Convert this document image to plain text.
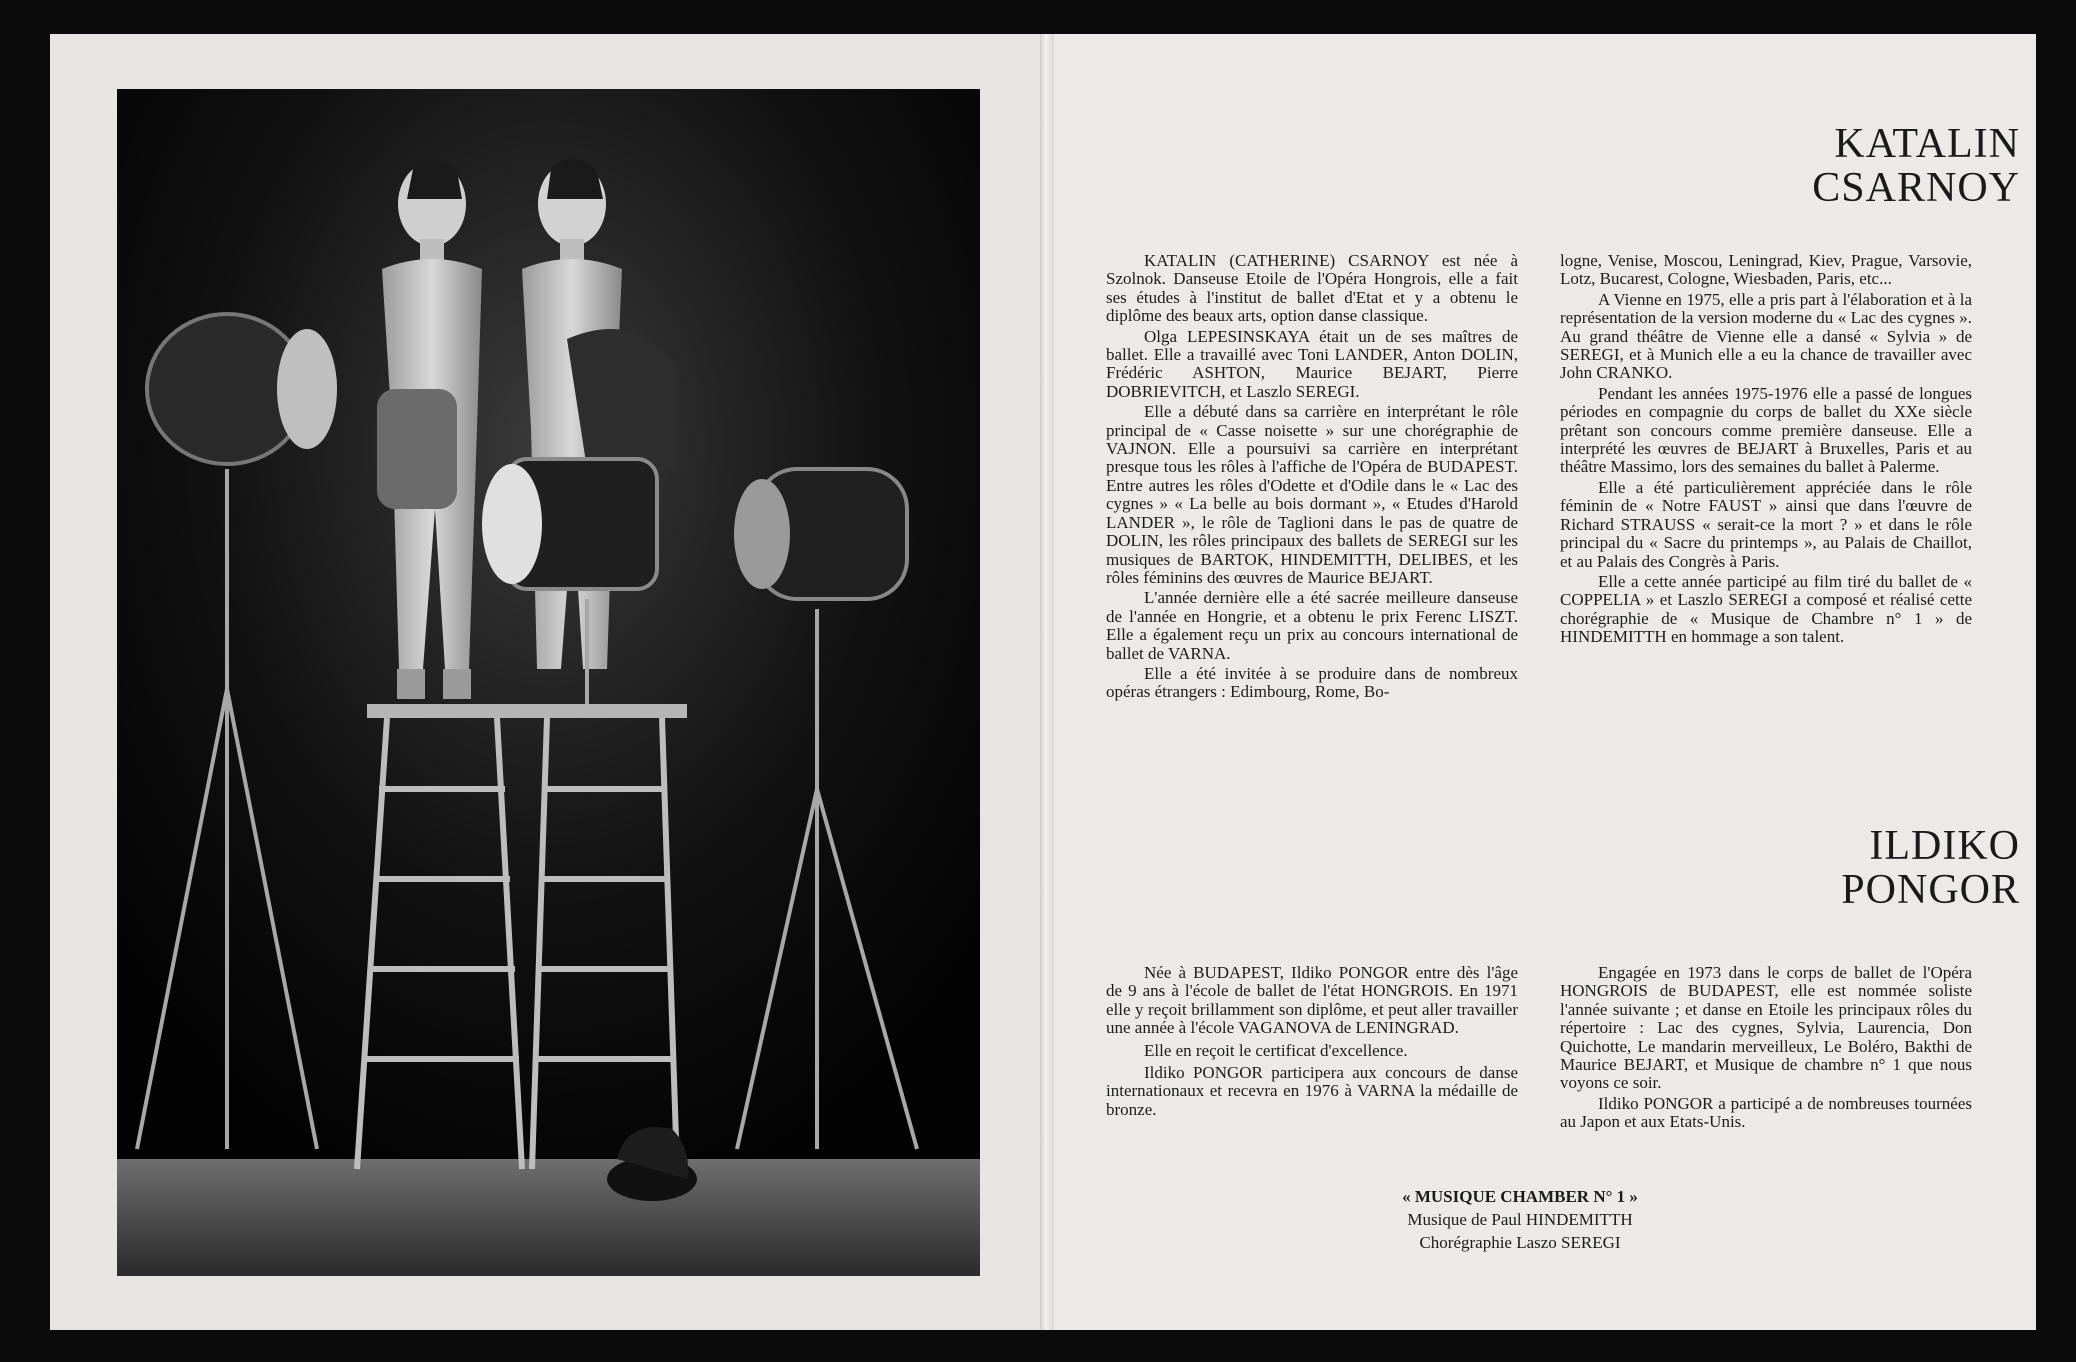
KATALIN
CSARNOY

KATALIN (CATHERINE) CSARNOY est née à Szolnok. Danseuse Etoile de l'Opéra Hongrois, elle a fait ses études à l'institut de ballet d'Etat et y a obtenu le diplôme des beaux arts, option danse classique.

Olga LEPESINSKAYA était un de ses maîtres de ballet. Elle a travaillé avec Toni LANDER, Anton DOLIN, Frédéric ASHTON, Maurice BEJART, Pierre DOBRIEVITCH, et Laszlo SEREGI.

Elle a débuté dans sa carrière en interprétant le rôle principal de « Casse noisette » sur une chorégraphie de VAJNON. Elle a poursuivi sa carrière en interprétant presque tous les rôles à l'affiche de l'Opéra de BUDAPEST. Entre autres les rôles d'Odette et d'Odile dans le « Lac des cygnes » « La belle au bois dormant », « Etudes d'Harold LANDER », le rôle de Taglioni dans le pas de quatre de DOLIN, les rôles principaux des ballets de SEREGI sur les musiques de BARTOK, HINDEMITTH, DELIBES, et les rôles féminins des œuvres de Maurice BEJART.

L'année dernière elle a été sacrée meilleure danseuse de l'année en Hongrie, et a obtenu le prix Ferenc LISZT. Elle a également reçu un prix au concours international de ballet de VARNA.

Elle a été invitée à se produire dans de nombreux opéras étrangers : Edimbourg, Rome, Bo-

logne, Venise, Moscou, Leningrad, Kiev, Prague, Varsovie, Lotz, Bucarest, Cologne, Wiesbaden, Paris, etc...

A Vienne en 1975, elle a pris part à l'élaboration et à la représentation de la version moderne du « Lac des cygnes ». Au grand théâtre de Vienne elle a dansé « Sylvia » de SEREGI, et à Munich elle a eu la chance de travailler avec John CRANKO.

Pendant les années 1975-1976 elle a passé de longues périodes en compagnie du corps de ballet du XXe siècle prêtant son concours comme première danseuse. Elle a interprété les œuvres de BEJART à Bruxelles, Paris et au théâtre Massimo, lors des semaines du ballet à Palerme.

Elle a été particulièrement appréciée dans le rôle féminin de « Notre FAUST » ainsi que dans l'œuvre de Richard STRAUSS « serait-ce la mort ? » et dans le rôle principal du « Sacre du printemps », au Palais de Chaillot, et au Palais des Congrès à Paris.

Elle a cette année participé au film tiré du ballet de « COPPELIA » et Laszlo SEREGI a composé et réalisé cette chorégraphie de « Musique de Chambre n° 1 » de HINDEMITTH en hommage a son talent.

ILDIKO
PONGOR

Née à BUDAPEST, Ildiko PONGOR entre dès l'âge de 9 ans à l'école de ballet de l'état HONGROIS. En 1971 elle y reçoit brillamment son diplôme, et peut aller travailler une année à l'école VAGANOVA de LENINGRAD.

Elle en reçoit le certificat d'excellence.

Ildiko PONGOR participera aux concours de danse internationaux et recevra en 1976 à VARNA la médaille de bronze.

Engagée en 1973 dans le corps de ballet de l'Opéra HONGROIS de BUDAPEST, elle est nommée soliste l'année suivante ; et danse en Etoile les principaux rôles du répertoire : Lac des cygnes, Sylvia, Laurencia, Don Quichotte, Le mandarin merveilleux, Le Boléro, Bakthi de Maurice BEJART, et Musique de chambre n° 1 que nous voyons ce soir.

Ildiko PONGOR a participé a de nombreuses tournées au Japon et aux Etats-Unis.

« MUSIQUE CHAMBER N° 1 »
Musique de Paul HINDEMITTH
Chorégraphie Laszo SEREGI
